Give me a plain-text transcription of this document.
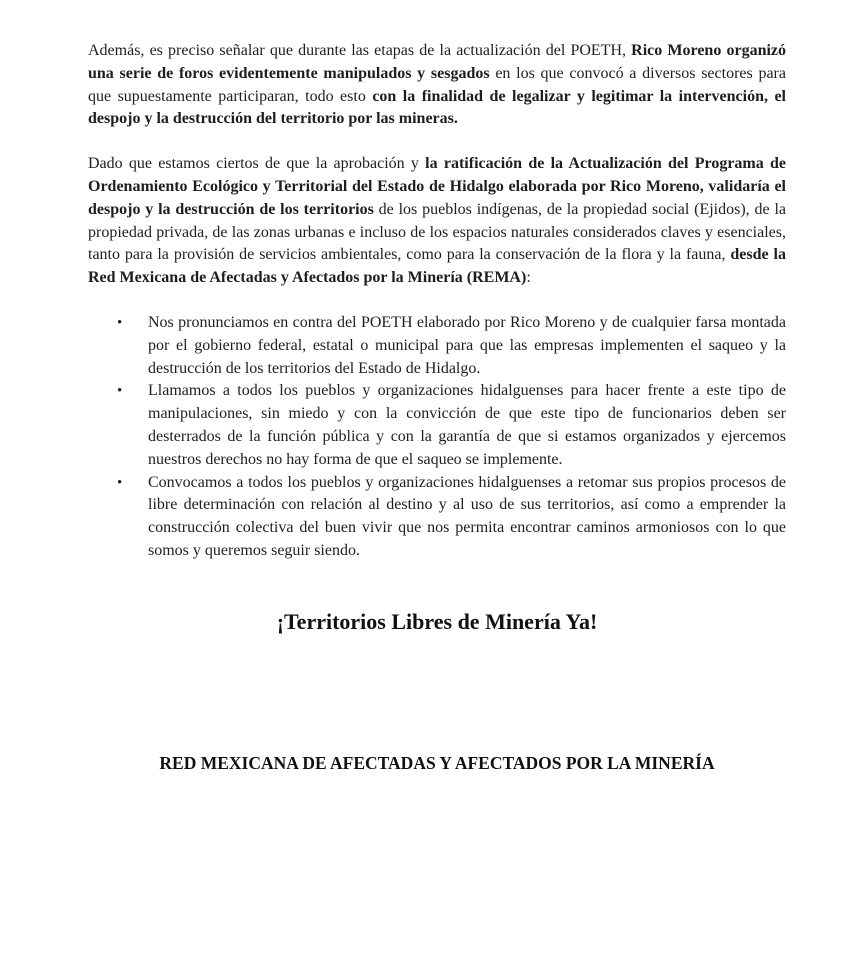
Además, es preciso señalar que durante las etapas de la actualización del POETH, Rico Moreno organizó una serie de foros evidentemente manipulados y sesgados en los que convocó a diversos sectores para que supuestamente participaran, todo esto con la finalidad de legalizar y legitimar la intervención, el despojo y la destrucción del territorio por las mineras.

Dado que estamos ciertos de que la aprobación y la ratificación de la Actualización del Programa de Ordenamiento Ecológico y Territorial del Estado de Hidalgo elaborada por Rico Moreno, validaría el despojo y la destrucción de los territorios de los pueblos indígenas, de la propiedad social (Ejidos), de la propiedad privada, de las zonas urbanas e incluso de los espacios naturales considerados claves y esenciales, tanto para la provisión de servicios ambientales, como para la conservación de la flora y la fauna, desde la Red Mexicana de Afectadas y Afectados por la Minería (REMA):

• Nos pronunciamos en contra del POETH elaborado por Rico Moreno y de cualquier farsa montada por el gobierno federal, estatal o municipal para que las empresas implementen el saqueo y la destrucción de los territorios del Estado de Hidalgo.
• Llamamos a todos los pueblos y organizaciones hidalguenses para hacer frente a este tipo de manipulaciones, sin miedo y con la convicción de que este tipo de funcionarios deben ser desterrados de la función pública y con la garantía de que si estamos organizados y ejercemos nuestros derechos no hay forma de que el saqueo se implemente.
• Convocamos a todos los pueblos y organizaciones hidalguenses a retomar sus propios procesos de libre determinación con relación al destino y al uso de sus territorios, así como a emprender la construcción colectiva del buen vivir que nos permita encontrar caminos armoniosos con lo que somos y queremos seguir siendo.
¡Territorios Libres de Minería Ya!
RED MEXICANA DE AFECTADAS Y AFECTADOS POR LA MINERÍA
